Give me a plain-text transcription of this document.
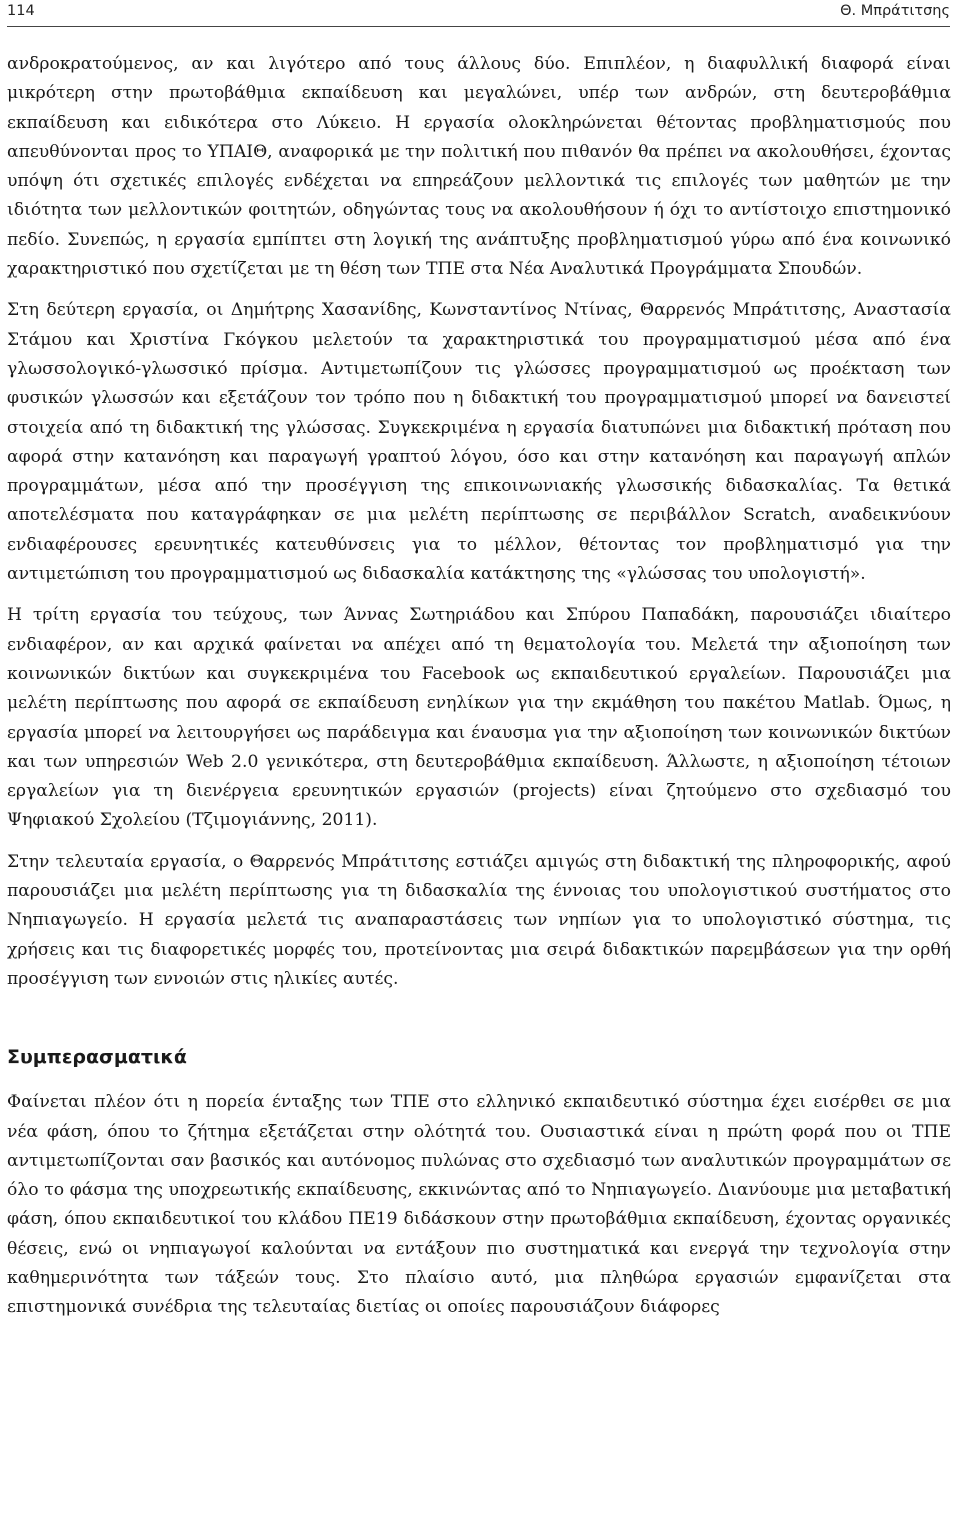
114	Θ. Μπράτιτσης

ανδροκρατούμενος, αν και λιγότερο από τους άλλους δύο. Επιπλέον, η διαφυλλική διαφορά είναι μικρότερη στην πρωτοβάθμια εκπαίδευση και μεγαλώνει, υπέρ των ανδρών, στη δευτεροβάθμια εκπαίδευση και ειδικότερα στο Λύκειο. Η εργασία ολοκληρώνεται θέτοντας προβληματισμούς που απευθύνονται προς το ΥΠΑΙΘ, αναφορικά με την πολιτική που πιθανόν θα πρέπει να ακολουθήσει, έχοντας υπόψη ότι σχετικές επιλογές ενδέχεται να επηρεάζουν μελλοντικά τις επιλογές των μαθητών με την ιδιότητα των μελλοντικών φοιτητών, οδηγώντας τους να ακολουθήσουν ή όχι το αντίστοιχο επιστημονικό πεδίο. Συνεπώς, η εργασία εμπίπτει στη λογική της ανάπτυξης προβληματισμού γύρω από ένα κοινωνικό χαρακτηριστικό που σχετίζεται με τη θέση των ΤΠΕ στα Νέα Αναλυτικά Προγράμματα Σπουδών.

Στη δεύτερη εργασία, οι Δημήτρης Χασανίδης, Κωνσταντίνος Ντίνας, Θαρρενός Μπράτιτσης, Αναστασία Στάμου και Χριστίνα Γκόγκου μελετούν τα χαρακτηριστικά του προγραμματισμού μέσα από ένα γλωσσολογικό-γλωσσικό πρίσμα. Αντιμετωπίζουν τις γλώσσες προγραμματισμού ως προέκταση των φυσικών γλωσσών και εξετάζουν τον τρόπο που η διδακτική του προγραμματισμού μπορεί να δανειστεί στοιχεία από τη διδακτική της γλώσσας. Συγκεκριμένα η εργασία διατυπώνει μια διδακτική πρόταση που αφορά στην κατανόηση και παραγωγή γραπτού λόγου, όσο και στην κατανόηση και παραγωγή απλών προγραμμάτων, μέσα από την προσέγγιση της επικοινωνιακής γλωσσικής διδασκαλίας. Τα θετικά αποτελέσματα που καταγράφηκαν σε μια μελέτη περίπτωσης σε περιβάλλον Scratch, αναδεικνύουν ενδιαφέρουσες ερευνητικές κατευθύνσεις για το μέλλον, θέτοντας τον προβληματισμό για την αντιμετώπιση του προγραμματισμού ως διδασκαλία κατάκτησης της «γλώσσας του υπολογιστή».

Η τρίτη εργασία του τεύχους, των Άννας Σωτηριάδου και Σπύρου Παπαδάκη, παρουσιάζει ιδιαίτερο ενδιαφέρον, αν και αρχικά φαίνεται να απέχει από τη θεματολογία του. Μελετά την αξιοποίηση των κοινωνικών δικτύων και συγκεκριμένα του Facebook ως εκπαιδευτικού εργαλείων. Παρουσιάζει μια μελέτη περίπτωσης που αφορά σε εκπαίδευση ενηλίκων για την εκμάθηση του πακέτου Matlab. Όμως, η εργασία μπορεί να λειτουργήσει ως παράδειγμα και έναυσμα για την αξιοποίηση των κοινωνικών δικτύων και των υπηρεσιών Web 2.0 γενικότερα, στη δευτεροβάθμια εκπαίδευση. Άλλωστε, η αξιοποίηση τέτοιων εργαλείων για τη διενέργεια ερευνητικών εργασιών (projects) είναι ζητούμενο στο σχεδιασμό του Ψηφιακού Σχολείου (Τζιμογιάννης, 2011).

Στην τελευταία εργασία, ο Θαρρενός Μπράτιτσης εστιάζει αμιγώς στη διδακτική της πληροφορικής, αφού παρουσιάζει μια μελέτη περίπτωσης για τη διδασκαλία της έννοιας του υπολογιστικού συστήματος στο Νηπιαγωγείο. Η εργασία μελετά τις αναπαραστάσεις των νηπίων για το υπολογιστικό σύστημα, τις χρήσεις και τις διαφορετικές μορφές του, προτείνοντας μια σειρά διδακτικών παρεμβάσεων για την ορθή προσέγγιση των εννοιών στις ηλικίες αυτές.

Συμπερασματικά

Φαίνεται πλέον ότι η πορεία ένταξης των ΤΠΕ στο ελληνικό εκπαιδευτικό σύστημα έχει εισέρθει σε μια νέα φάση, όπου το ζήτημα εξετάζεται στην ολότητά του. Ουσιαστικά είναι η πρώτη φορά που οι ΤΠΕ αντιμετωπίζονται σαν βασικός και αυτόνομος πυλώνας στο σχεδιασμό των αναλυτικών προγραμμάτων σε όλο το φάσμα της υποχρεωτικής εκπαίδευσης, εκκινώντας από το Νηπιαγωγείο. Διανύουμε μια μεταβατική φάση, όπου εκπαιδευτικοί του κλάδου ΠΕ19 διδάσκουν στην πρωτοβάθμια εκπαίδευση, έχοντας οργανικές θέσεις, ενώ οι νηπιαγωγοί καλούνται να εντάξουν πιο συστηματικά και ενεργά την τεχνολογία στην καθημερινότητα των τάξεών τους. Στο πλαίσιο αυτό, μια πληθώρα εργασιών εμφανίζεται στα επιστημονικά συνέδρια της τελευταίας διετίας οι οποίες παρουσιάζουν διάφορες
